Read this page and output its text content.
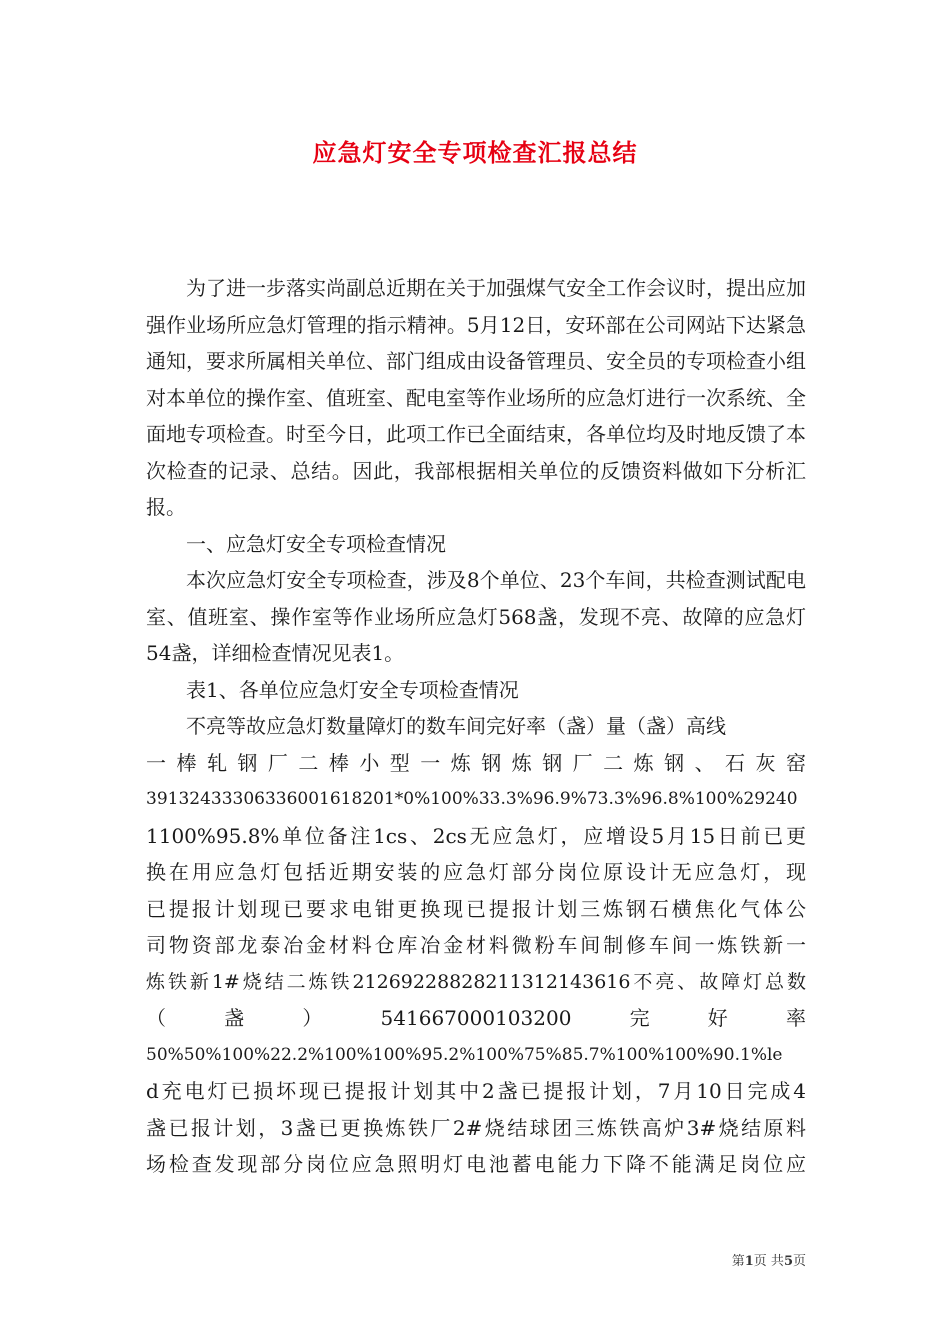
应急灯安全专项检查汇报总结

为了进一步落实尚副总近期在关于加强煤气安全工作会议时，提出应加强作业场所应急灯管理的指示精神。5月12日，安环部在公司网站下达紧急通知，要求所属相关单位、部门组成由设备管理员、安全员的专项检查小组对本单位的操作室、值班室、配电室等作业场所的应急灯进行一次系统、全面地专项检查。时至今日，此项工作已全面结束，各单位均及时地反馈了本次检查的记录、总结。因此，我部根据相关单位的反馈资料做如下分析汇报。

一、应急灯安全专项检查情况

本次应急灯安全专项检查，涉及8个单位、23个车间，共检查测试配电室、值班室、操作室等作业场所应急灯568盏，发现不亮、故障的应急灯54盏，详细检查情况见表1。

表1、各单位应急灯安全专项检查情况

不亮等故应急灯数量障灯的数车间完好率（盏）量（盏）高线

一棒轧钢厂二棒小型一炼钢炼钢厂二炼钢、石灰窑

39132433306336001618201*0%100%33.3%96.9%73.3%96.8%100%29240

1100%95.8%单位备注1cs、2cs无应急灯，应增设5月15日前已更

换在用应急灯包括近期安装的应急灯部分岗位原设计无应急灯，现

已提报计划现已要求电钳更换现已提报计划三炼钢石横焦化气体公

司物资部龙泰冶金材料仓库冶金材料微粉车间制修车间一炼铁新一

炼铁新1#烧结二炼铁21269228828211312143616不亮、故障灯总数

（盏）541667000103200完好率

50%50%100%22.2%100%100%95.2%100%75%85.7%100%100%90.1%le

d充电灯已损坏现已提报计划其中2盏已提报计划，7月10日完成4

盏已报计划，3盏已更换炼铁厂2#烧结球团三炼铁高炉3#烧结原料

场检查发现部分岗位应急照明灯电池蓄电能力下降不能满足岗位应

第1页 共5页
